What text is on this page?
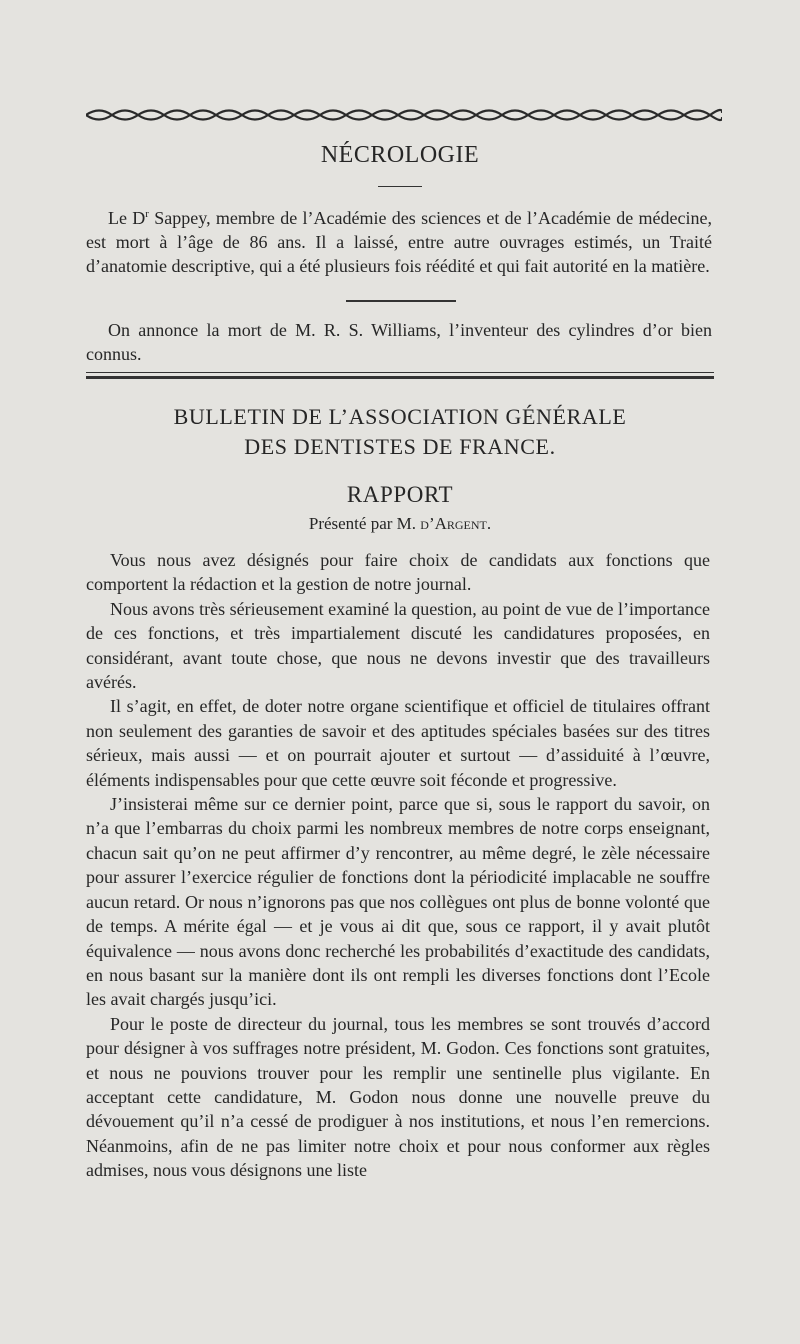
NÉCROLOGIE

Le $D^r$ Sappey, membre de l’Académie des sciences et de l’Académie de médecine, est mort à l’âge de 86 ans. Il a laissé, entre autre ouvrages estimés, un Traité d’anatomie descriptive, qui a été plusieurs fois réédité et qui fait autorité en la matière.

On annonce la mort de M. R. S. Williams, l’inventeur des cylindres d’or bien connus.

BULLETIN DE L’ASSOCIATION GÉNÉRALE
DES DENTISTES DE FRANCE.
RAPPORT
Présenté par M. d’Argent.

Vous nous avez désignés pour faire choix de candidats aux fonctions que comportent la rédaction et la gestion de notre journal.

Nous avons très sérieusement examiné la question, au point de vue de l’importance de ces fonctions, et très impartialement discuté les candidatures proposées, en considérant, avant toute chose, que nous ne devons investir que des travailleurs avérés.

Il s’agit, en effet, de doter notre organe scientifique et officiel de titulaires offrant non seulement des garanties de savoir et des aptitudes spéciales basées sur des titres sérieux, mais aussi — et on pourrait ajouter et surtout — d’assiduité à l’œuvre, éléments indispensables pour que cette œuvre soit féconde et progressive.

J’insisterai même sur ce dernier point, parce que si, sous le rapport du savoir, on n’a que l’embarras du choix parmi les nombreux membres de notre corps enseignant, chacun sait qu’on ne peut affirmer d’y rencontrer, au même degré, le zèle nécessaire pour assurer l’exercice régulier de fonctions dont la périodicité implacable ne souffre aucun retard. Or nous n’ignorons pas que nos collègues ont plus de bonne volonté que de temps. A mérite égal — et je vous ai dit que, sous ce rapport, il y avait plutôt équivalence — nous avons donc recherché les probabilités d’exactitude des candidats, en nous basant sur la manière dont ils ont rempli les diverses fonctions dont l’Ecole les avait chargés jusqu’ici.

Pour le poste de directeur du journal, tous les membres se sont trouvés d’accord pour désigner à vos suffrages notre président, M. Godon. Ces fonctions sont gratuites, et nous ne pouvions trouver pour les remplir une sentinelle plus vigilante. En acceptant cette candidature, M. Godon nous donne une nouvelle preuve du dévouement qu’il n’a cessé de prodiguer à nos institutions, et nous l’en remercions. Néanmoins, afin de ne pas limiter notre choix et pour nous conformer aux règles admises, nous vous désignons une liste
